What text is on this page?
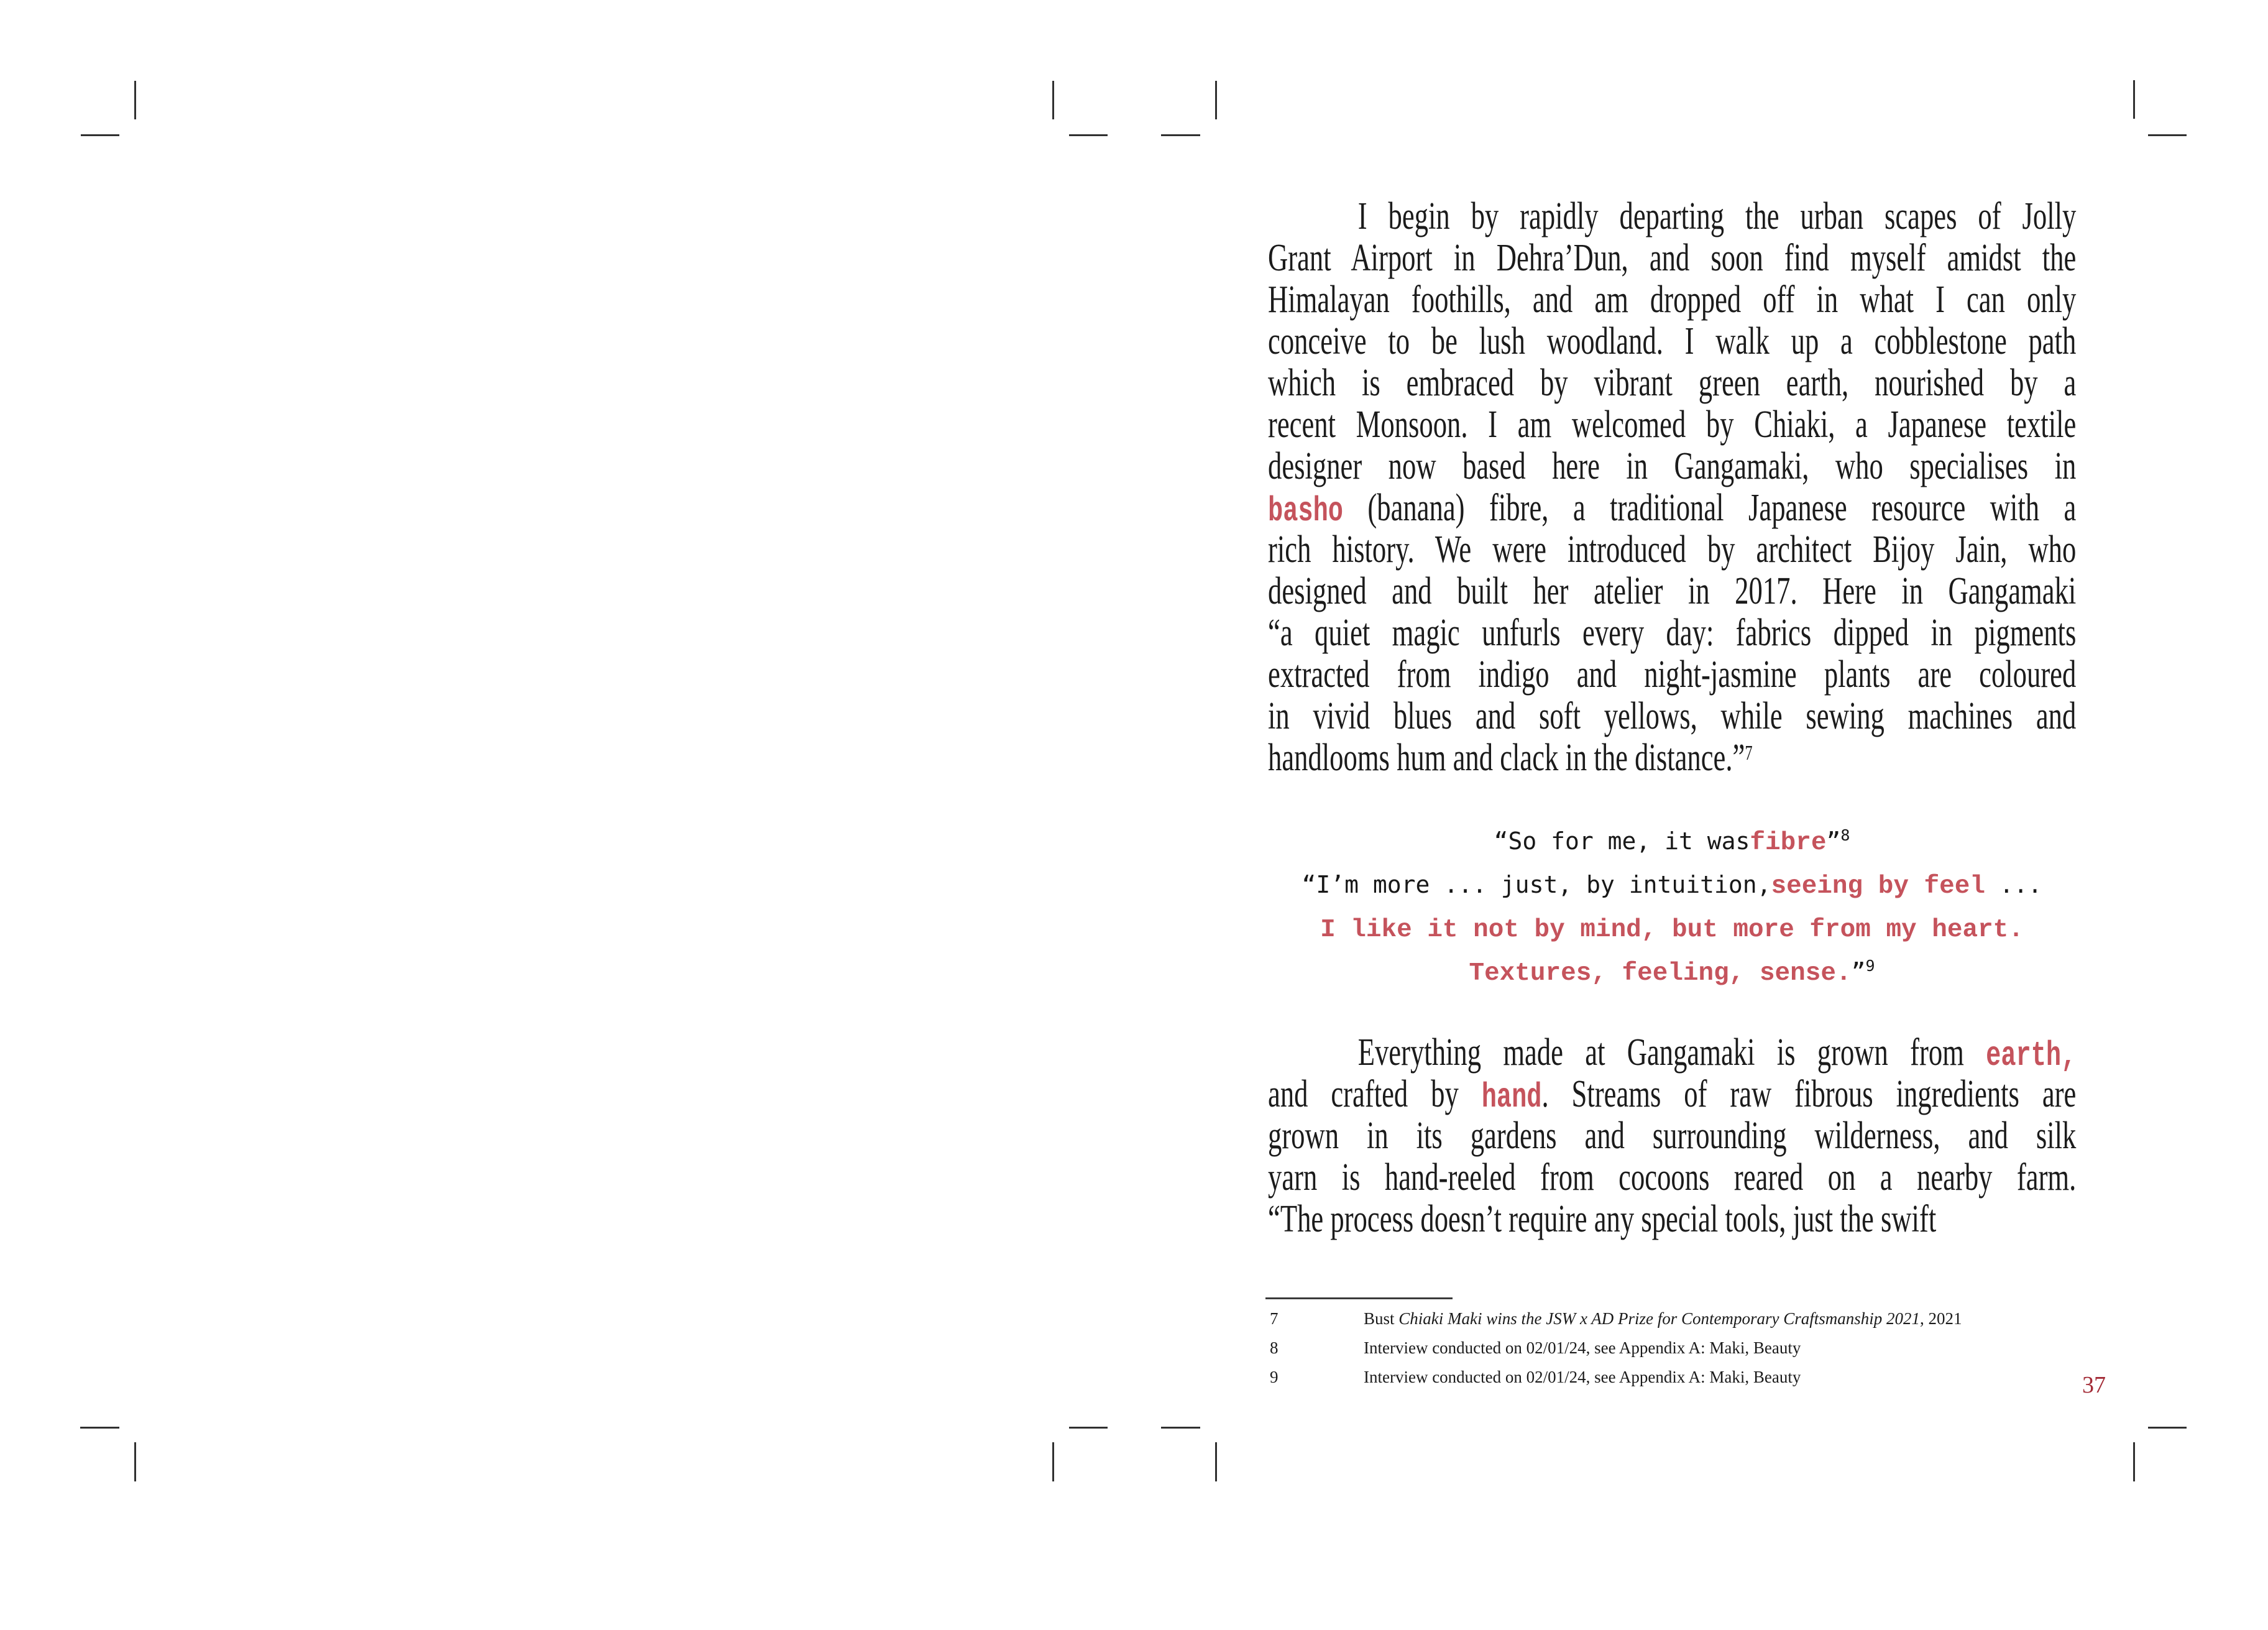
I begin by rapidly departing the urban scapes of Jolly
Grant Airport in Dehra’Dun, and soon find myself amidst the
Himalayan foothills, and am dropped off in what I can only
conceive to be lush woodland. I walk up a cobblestone path
which is embraced by vibrant green earth, nourished by a
recent Monsoon. I am welcomed by Chiaki, a Japanese textile
designer now based here in Gangamaki, who specialises in
basho (banana) fibre, a traditional Japanese resource with a
rich history. We were introduced by architect Bijoy Jain, who
designed and built her atelier in 2017. Here in Gangamaki
“a quiet magic unfurls every day: fabrics dipped in pigments
extracted from indigo and night-jasmine plants are coloured
in vivid blues and soft yellows, while sewing machines and
handlooms hum and clack in the distance.”$^7$
“So for me, it wasfibre”$^8$
“I’m more ... just, by intuition,seeing by feel ...
I like it not by mind, but more from my heart.
Textures, feeling, sense.”$^9$
Everything made at Gangamaki is grown from earth,
and crafted by hand. Streams of raw fibrous ingredients are
grown in its gardens and surrounding wilderness, and silk
yarn is hand-reeled from cocoons reared on a nearby farm.
“The process doesn’t require any special tools, just the swift
7	Bust Chiaki Maki wins the JSW x AD Prize for Contemporary Craftsmanship 2021, 2021
8	Interview conducted on 02/01/24, see Appendix A: Maki, Beauty
9	Interview conducted on 02/01/24, see Appendix A: Maki, Beauty	37
